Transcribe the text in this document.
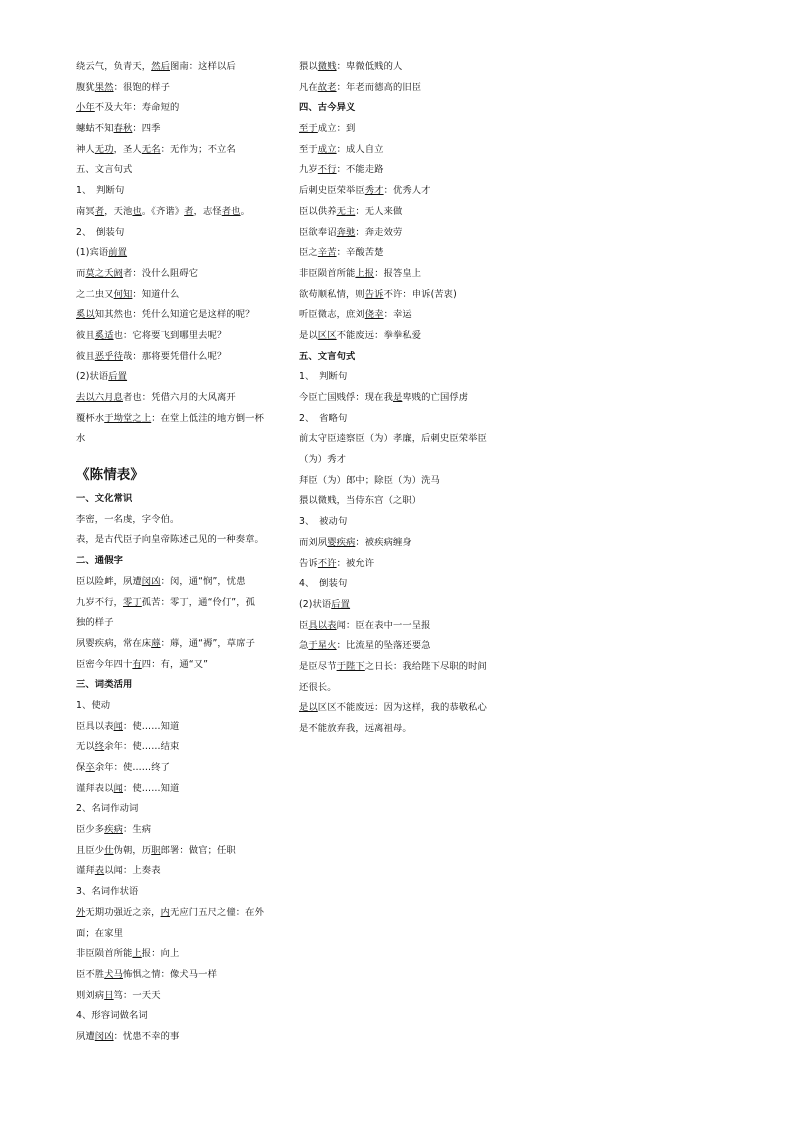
绕云气，负青天，然后图南：这样以后
腹犹果然：很饱的样子
小年不及大年：寿命短的
蟪蛄不知春秋：四季
神人无功，圣人无名：无作为；不立名
五、文言句式
1、　判断句
南冥者，天池也。《齐谐》者，志怪者也。
2、　倒装句
(1)宾语前置
而莫之夭阏者：没什么阻碍它
之二虫又何知：知道什么
奚以知其然也：凭什么知道它是这样的呢？
彼且奚适也：它将要飞到哪里去呢？
彼且恶乎待哉：那将要凭借什么呢？
(2)状语后置
去以六月息者也：凭借六月的大风离开
覆杯水于坳堂之上：在堂上低洼的地方倒一杯
水
《陈情表》
一、文化常识
李密，一名虔，字令伯。
表，是古代臣子向皇帝陈述己见的一种奏章。
二、通假字
臣以险衅，夙遭闵凶：闵，通“悯”，忧患
九岁不行，零丁孤苦：零丁，通“伶仃”，孤
独的样子
夙婴疾病，常在床蓐：蓐，通“褥”，草席子
臣密今年四十有四：有，通“又”
三、词类活用
1、使动
臣具以表闻：使……知道
无以终余年：使……结束
保卒余年：使……终了
谨拜表以闻：使……知道
2、名词作动词
臣少多疾病：生病
且臣少仕伪朝，历职郎署：做官；任职
谨拜表以闻：上奏表
3、名词作状语
外无期功强近之亲，内无应门五尺之僮：在外
面；在家里
非臣陨首所能上报：向上
臣不胜犬马怖惧之情：像犬马一样
则刘病日笃：一天天
4、形容词做名词
夙遭闵凶：忧患不幸的事
猥以微贱：卑微低贱的人
凡在故老：年老而德高的旧臣
四、古今异义
至于成立：到
至于成立：成人自立
九岁不行：不能走路
后刺史臣荣举臣秀才：优秀人才
臣以供养无主：无人来做
臣欲奉诏奔驰：奔走效劳
臣之辛苦：辛酸苦楚
非臣陨首所能上报：报答皇上
欲苟顺私情，则告诉不许：申诉(苦衷)
听臣微志，庶刘侥幸：幸运
是以区区不能废远：拳拳私爱
五、文言句式
1、　判断句
今臣亡国贱俘：现在我是卑贱的亡国俘虏
2、　省略句
前太守臣逵察臣（为）孝廉，后刺史臣荣举臣
（为）秀才
拜臣（为）郎中；除臣（为）洗马
猥以微贱，当侍东宫（之职）
3、　被动句
而刘夙婴疾病：被疾病缠身
告诉不许：被允许
4、　倒装句
(2)状语后置
臣具以表闻：臣在表中一一呈报
急于星火：比流星的坠落还要急
是臣尽节于陛下之日长：我给陛下尽职的时间
还很长。
是以区区不能废远：因为这样，我的恭敬私心
是不能放弃我，远离祖母。
